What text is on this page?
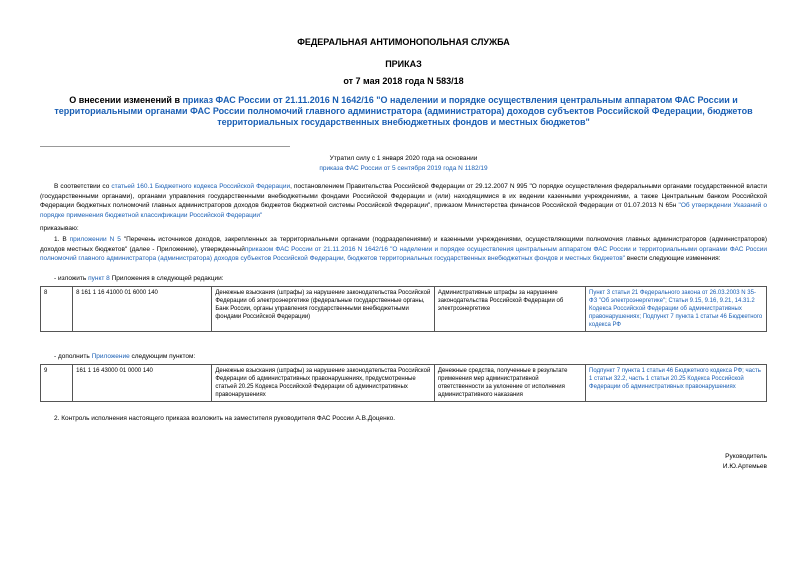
ФЕДЕРАЛЬНАЯ АНТИМОНОПОЛЬНАЯ СЛУЖБА
ПРИКАЗ
от 7 мая 2018 года N 583/18
О внесении изменений в приказ ФАС России от 21.11.2016 N 1642/16 "О наделении и порядке осуществления центральным аппаратом ФАС России и территориальными органами ФАС России полномочий главного администратора (администратора) доходов субъектов Российской Федерации, бюджетов территориальных государственных внебюджетных фондов и местных бюджетов"
Утратил силу с 1 января 2020 года на основании
приказа ФАС России от 5 сентября 2019 года N 1182/19
В соответствии со статьей 160.1 Бюджетного кодекса Российской Федерации, постановлением Правительства Российской Федерации от 29.12.2007 N 995 "О порядке осуществления федеральными органами государственной власти (государственными органами), органами управления государственными внебюджетными фондами Российской Федерации и (или) находящимися в их ведении казенными учреждениями, а также Центральным банком Российской Федерации бюджетных полномочий главных администраторов доходов бюджетов бюджетной системы Российской Федерации", приказом Министерства финансов Российской Федерации от 01.07.2013 N 65н "Об утверждении Указаний о порядке применения бюджетной классификации Российской Федерации"
приказываю:
1. В приложении N 5 "Перечень источников доходов, закрепленных за территориальными органами (подразделениями) и казенными учреждениями, осуществляющими полномочия главных администраторов (администраторов) доходов местных бюджетов" (далее - Приложение), утвержденныйприказом ФАС России от 21.11.2016 N 1642/16 "О наделении и порядке осуществления центральным аппаратом ФАС России и территориальными органами ФАС России полномочий главного администратора (администратора) доходов субъектов Российской Федерации, бюджетов территориальных государственных внебюджетных фондов и местных бюджетов" внести следующие изменения:
- изложить пункт 8 Приложения в следующей редакции:
8	8 161 1 16 41000 01 6000 140	Денежные взыскания (штрафы) за нарушение законодательства Российской Федерации об электроэнергетике (федеральные государственные органы, Банк России, органы управления государственными внебюджетными фондами Российской Федерации)	Административные штрафы за нарушение законодательства Российской Федерации об электроэнергетике	Пункт 3 статьи 21 Федерального закона от 26.03.2003 N 35-ФЗ "Об электроэнергетике"; Статьи 9.15, 9.16, 9.21, 14.31.2 Кодекса Российской Федерации об административных правонарушениях; Подпункт 7 пункта 1 статьи 46 Бюджетного кодекса РФ
- дополнить Приложение следующим пунктом:
9	161 1 16 43000 01 0000 140	Денежные взыскания (штрафы) за нарушение законодательства Российской Федерации об административных правонарушениях, предусмотренные статьей 20.25 Кодекса Российской Федерации об административных правонарушениях	Денежные средства, полученные в результате применения мер административной ответственности за уклонение от исполнения административного наказания	Подпункт 7 пункта 1 статьи 46 Бюджетного кодекса РФ; часть 1 статьи 32.2, часть 1 статьи 20.25 Кодекса Российской Федерации об административных правонарушениях
2. Контроль исполнения настоящего приказа возложить на заместителя руководителя ФАС России А.В.Доценко.
Руководитель
И.Ю.Артемьев
